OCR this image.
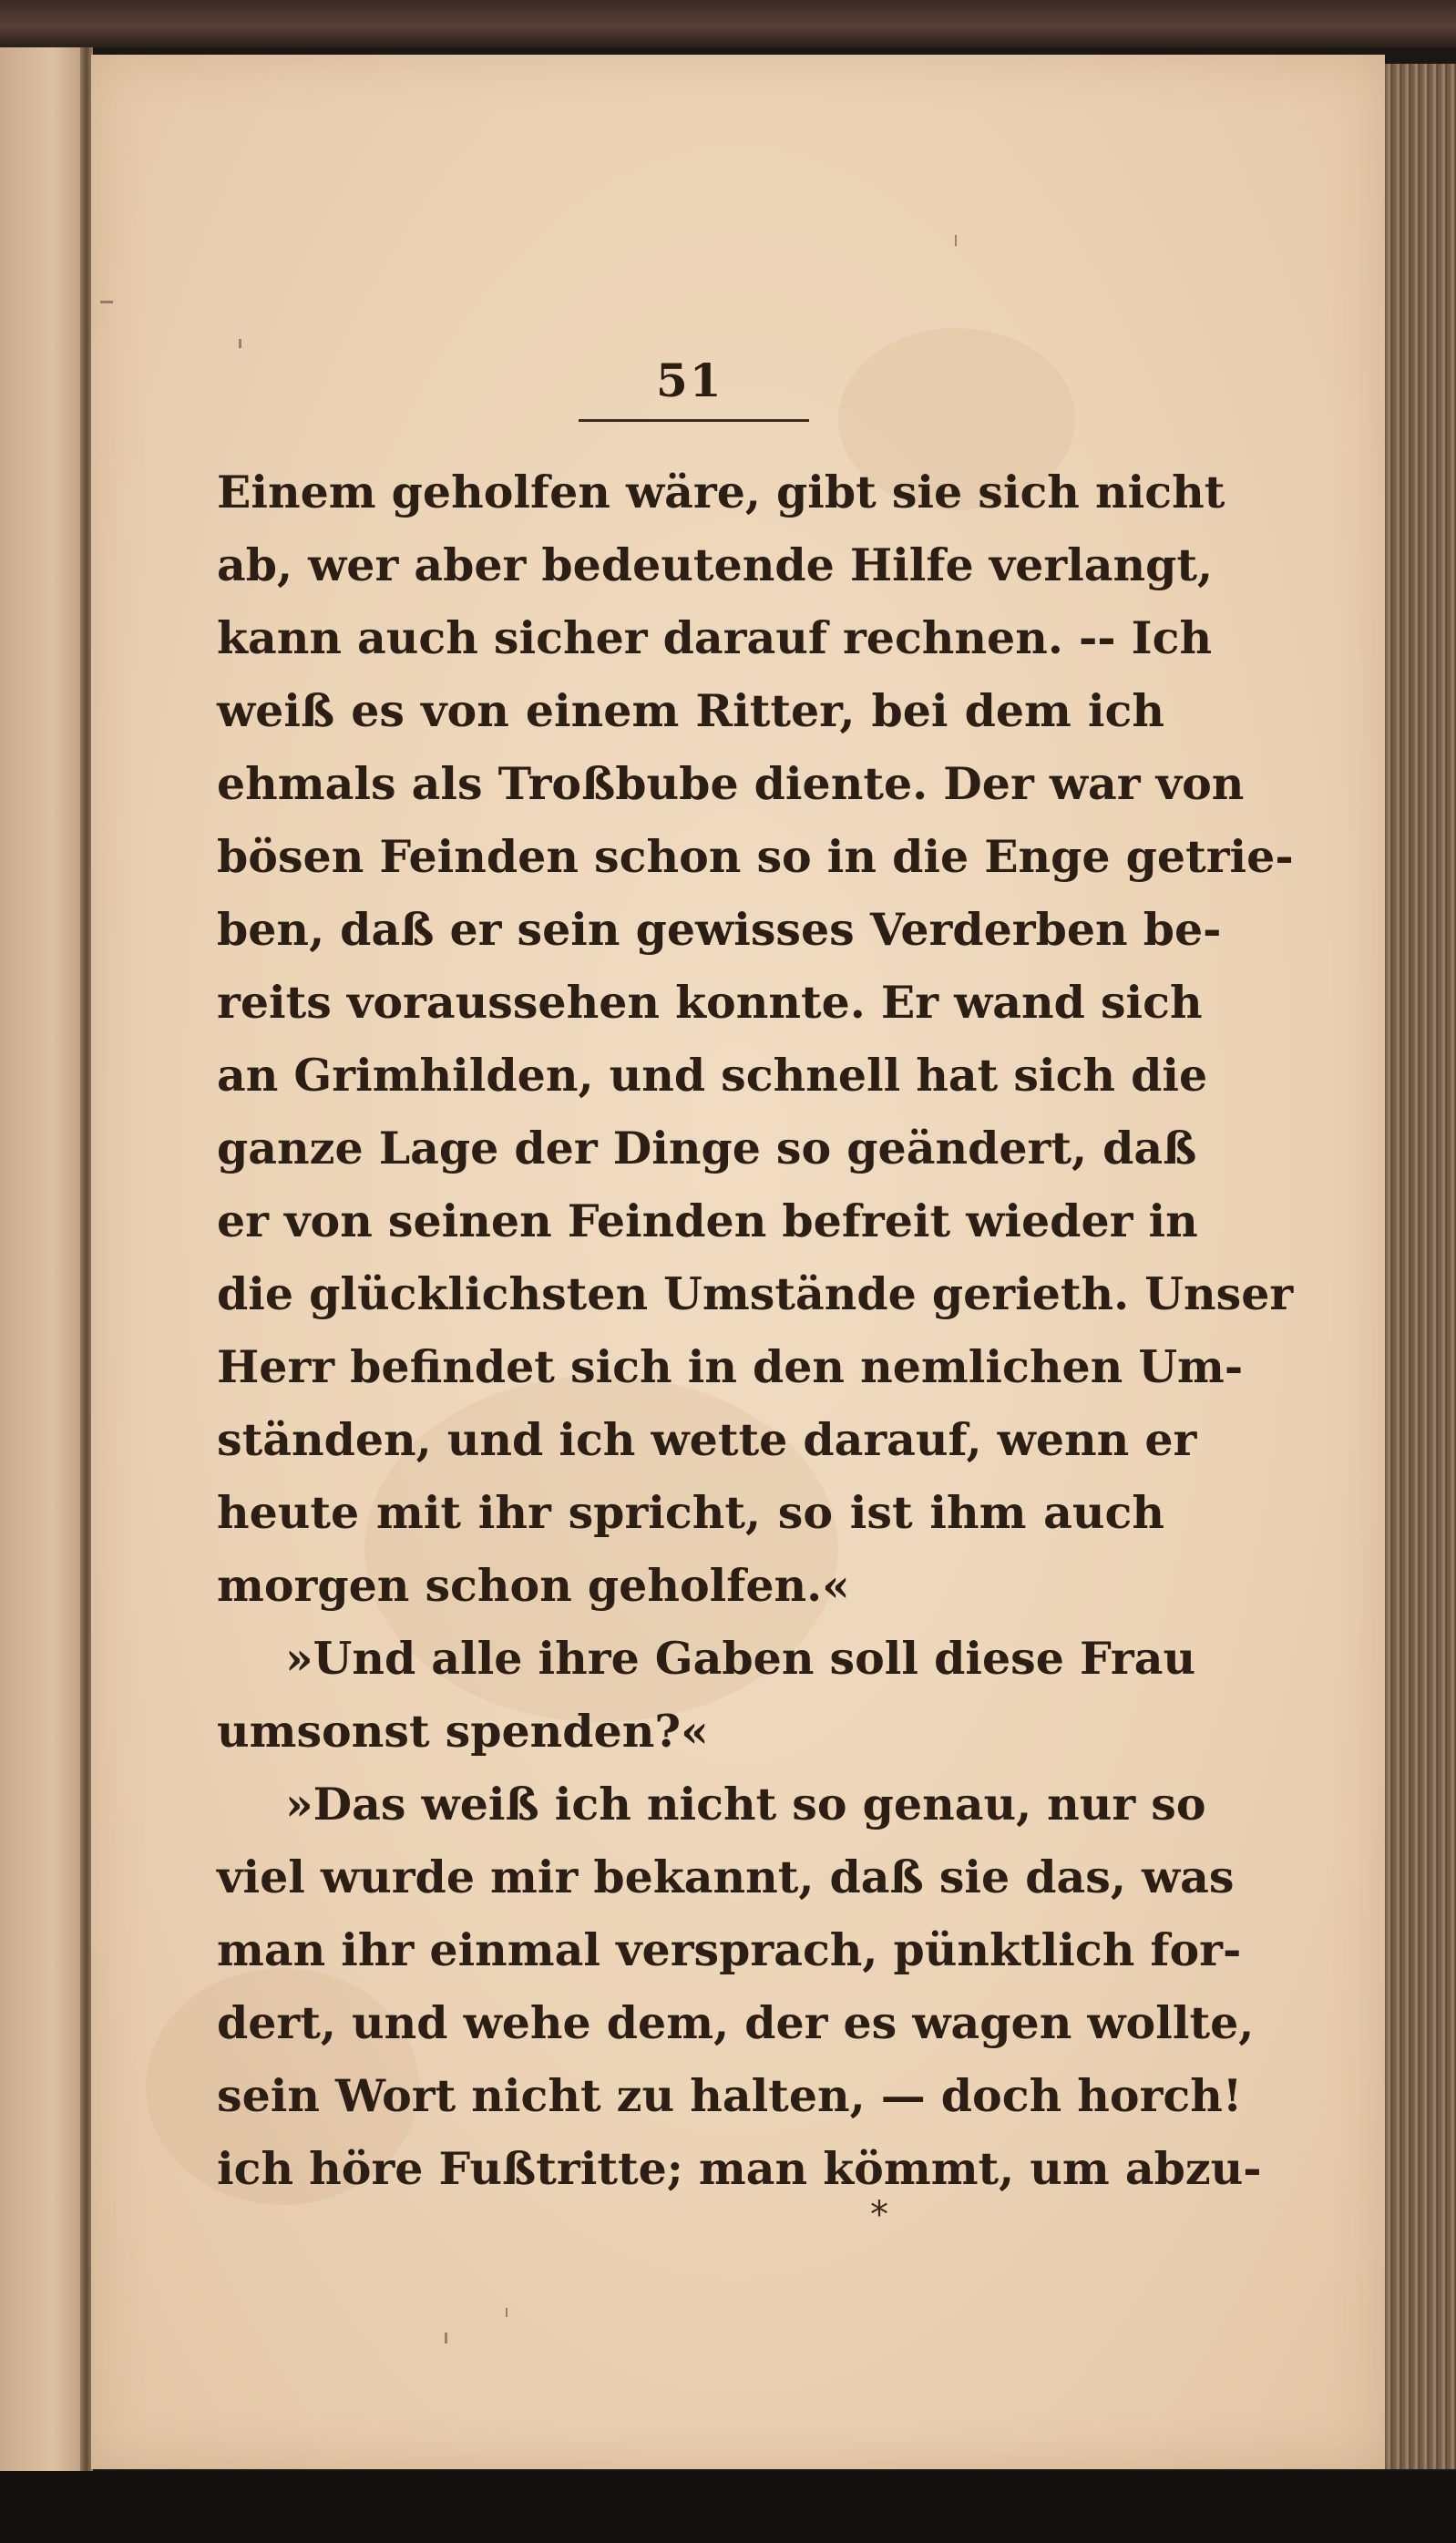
51
Einem geholfen wäre, gibt sie sich nicht
ab, wer aber bedeutende Hilfe verlangt,
kann auch sicher darauf rechnen. -- Ich
weiß es von einem Ritter, bei dem ich
ehmals als Troßbube diente. Der war von
bösen Feinden schon so in die Enge getrie-
ben, daß er sein gewisses Verderben be-
reits voraussehen konnte. Er wand sich
an Grimhilden, und schnell hat sich die
ganze Lage der Dinge so geändert, daß
er von seinen Feinden befreit wieder in
die glücklichsten Umstände gerieth. Unser
Herr befindet sich in den nemlichen Um-
ständen, und ich wette darauf, wenn er
heute mit ihr spricht, so ist ihm auch
morgen schon geholfen.«
»Und alle ihre Gaben soll diese Frau
umsonst spenden?«
»Das weiß ich nicht so genau, nur so
viel wurde mir bekannt, daß sie das, was
man ihr einmal versprach, pünktlich for-
dert, und wehe dem, der es wagen wollte,
sein Wort nicht zu halten, — doch horch!
ich höre Fußtritte; man kömmt, um abzu-
*
